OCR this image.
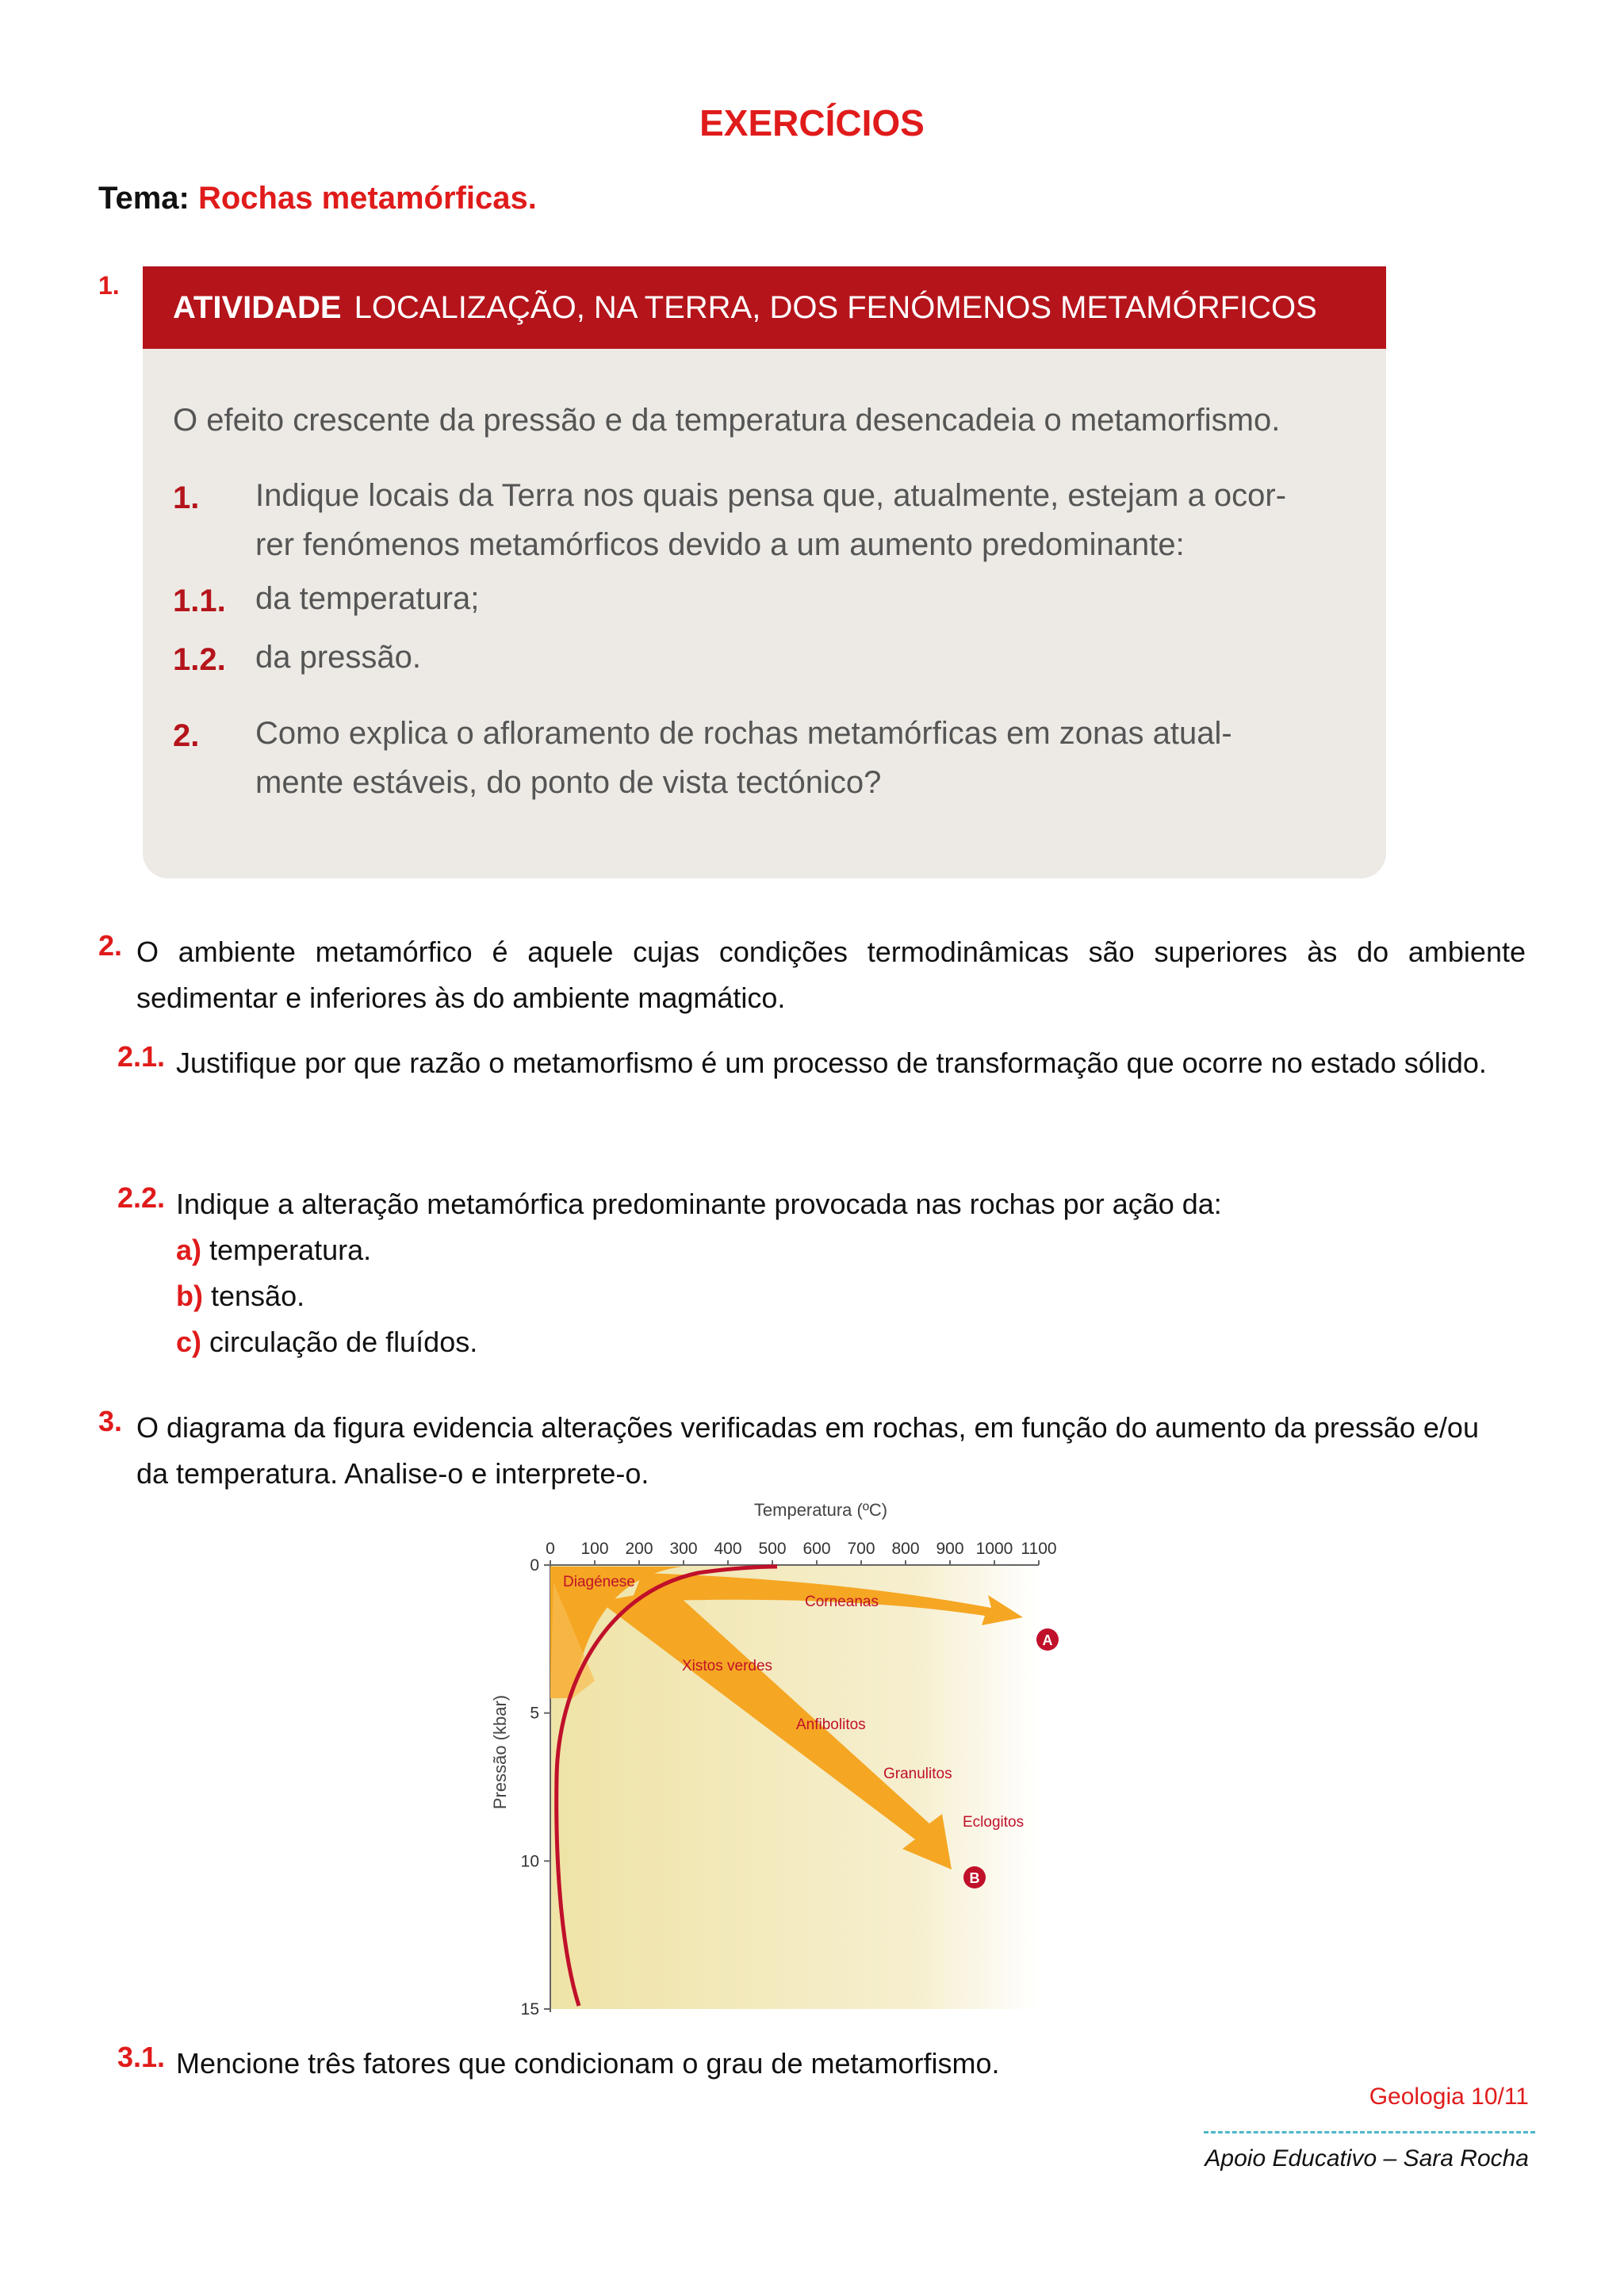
EXERCÍCIOS
Tema: Rochas metamórficas.
1.
ATIVIDADE LOCALIZAÇÃO, NA TERRA, DOS FENÓMENOS METAMÓRFICOS
O efeito crescente da pressão e da temperatura desencadeia o metamorfismo.
1. Indique locais da Terra nos quais pensa que, atualmente, estejam a ocor-
rer fenómenos metamórficos devido a um aumento predominante:
1.1. da temperatura;
1.2. da pressão.
2. Como explica o afloramento de rochas metamórficas em zonas atual-
mente estáveis, do ponto de vista tectónico?
2. O ambiente metamórfico é aquele cujas condições termodinâmicas são superiores às do ambiente sedimentar e inferiores às do ambiente magmático.
2.1. Justifique por que razão o metamorfismo é um processo de transformação que ocorre no estado sólido.
2.2. Indique a alteração metamórfica predominante provocada nas rochas por ação da:
a) temperatura.
b) tensão.
c) circulação de fluídos.
3. O diagrama da figura evidencia alterações verificadas em rochas, em função do aumento da pressão e/ou da temperatura. Analise-o e interprete-o.
Temperatura (ºC)
0 100 200 300 400 500 600 700 800 900 1000 1100
0
5
10
15
Pressão (kbar)
Diagénese
Corneanas
Xistos verdes
Anfibolitos
Granulitos
Eclogitos
A
B
3.1. Mencione três fatores que condicionam o grau de metamorfismo.
Geologia 10/11
Apoio Educativo – Sara Rocha
